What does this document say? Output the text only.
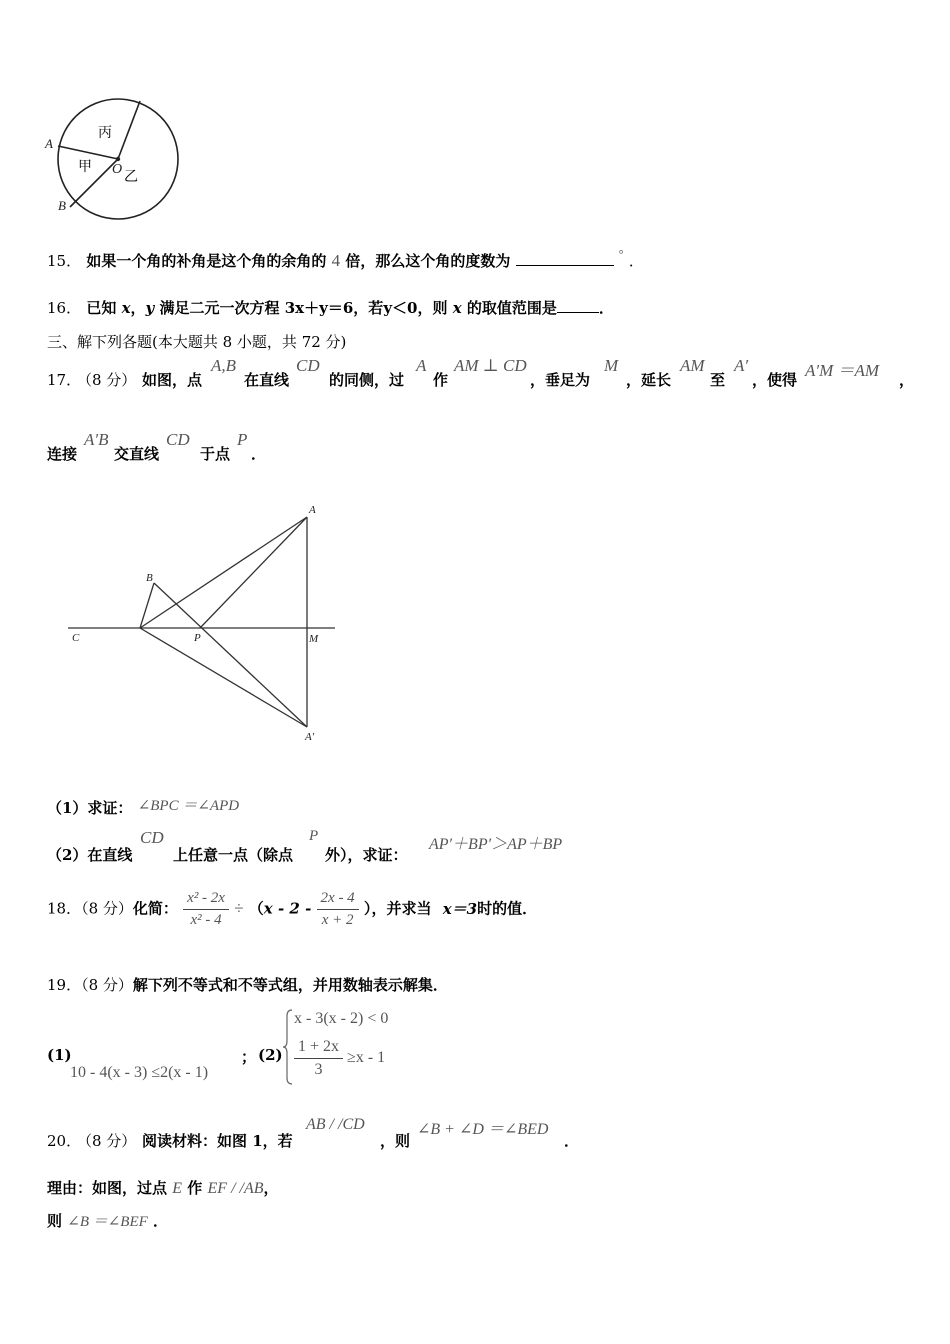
A
B
O
甲
乙
丙
15． 如果一个角的补角是这个角的余角的 4 倍，那么这个角的度数为	° ．
16． 已知 x，y 满足二元一次方程 3x＋y＝6，若y＜0，则 x 的取值范围是	．
三、解下列各题(本大题共 8 小题，共 72 分)
17．
（8 分） 如图，点
A,B
在直线
CD
的同侧，过
A
作
AM ⊥ CD
，垂足为
M
，延长
AM
至
A′
，使得 A′M ＝AM ，
连接
A′B
交直线
CD
于点
P
．
A
B
C	P	M
A′
（1）求证： ∠BPC ＝∠APD
（2）在直线
CD
上任意一点（除点
P
外），求证：
AP′＋BP′＞AP＋BP
18．（8 分）化简： $\frac{\text{x² - 2x}}{\text{x² - 4}} \div (x - 2 - \frac{2x - 4}{x + 2}$ ），并求当 x＝3时的值．
19．（8 分）解下列不等式和不等式组，并用数轴表示解集．
(1)
10 - 4(x - 3) ≤2(x - 1)
； (2)
x - 3(x - 2) < 0
$\frac{1 + 2x}{3} \ge x - 1$
20．
（8 分） 阅读材料：如图 1，若
AB / /CD
，则
∠B + ∠D ＝∠BED
．
理由：如图，过点 E 作 EF / /AB，
则 ∠B ＝∠BEF ．
